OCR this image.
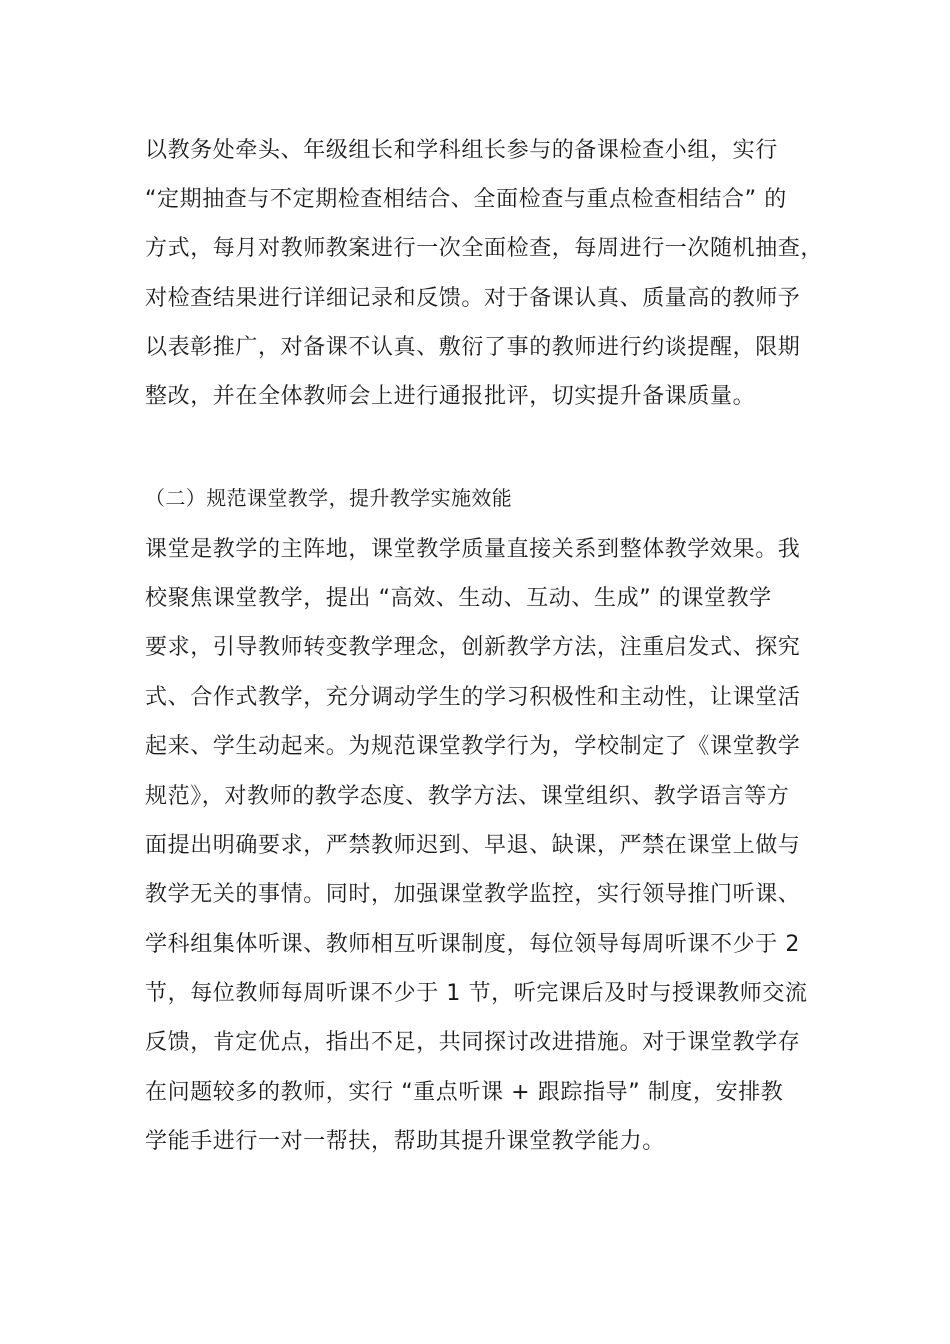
以教务处牵头、年级组长和学科组长参与的备课检查小组，实行
“定期抽查与不定期检查相结合、全面检查与重点检查相结合” 的
方式，每月对教师教案进行一次全面检查，每周进行一次随机抽查，
对检查结果进行详细记录和反馈。对于备课认真、质量高的教师予
以表彰推广，对备课不认真、敷衍了事的教师进行约谈提醒，限期
整改，并在全体教师会上进行通报批评，切实提升备课质量。
（二）规范课堂教学，提升教学实施效能
课堂是教学的主阵地，课堂教学质量直接关系到整体教学效果。我
校聚焦课堂教学，提出 “高效、生动、互动、生成” 的课堂教学
要求，引导教师转变教学理念，创新教学方法，注重启发式、探究
式、合作式教学，充分调动学生的学习积极性和主动性，让课堂活
起来、学生动起来。为规范课堂教学行为，学校制定了《课堂教学
规范》，对教师的教学态度、教学方法、课堂组织、教学语言等方
面提出明确要求，严禁教师迟到、早退、缺课，严禁在课堂上做与
教学无关的事情。同时，加强课堂教学监控，实行领导推门听课、
学科组集体听课、教师相互听课制度，每位领导每周听课不少于 2
节，每位教师每周听课不少于 1 节，听完课后及时与授课教师交流
反馈，肯定优点，指出不足，共同探讨改进措施。对于课堂教学存
在问题较多的教师，实行 “重点听课 + 跟踪指导” 制度，安排教
学能手进行一对一帮扶，帮助其提升课堂教学能力。
